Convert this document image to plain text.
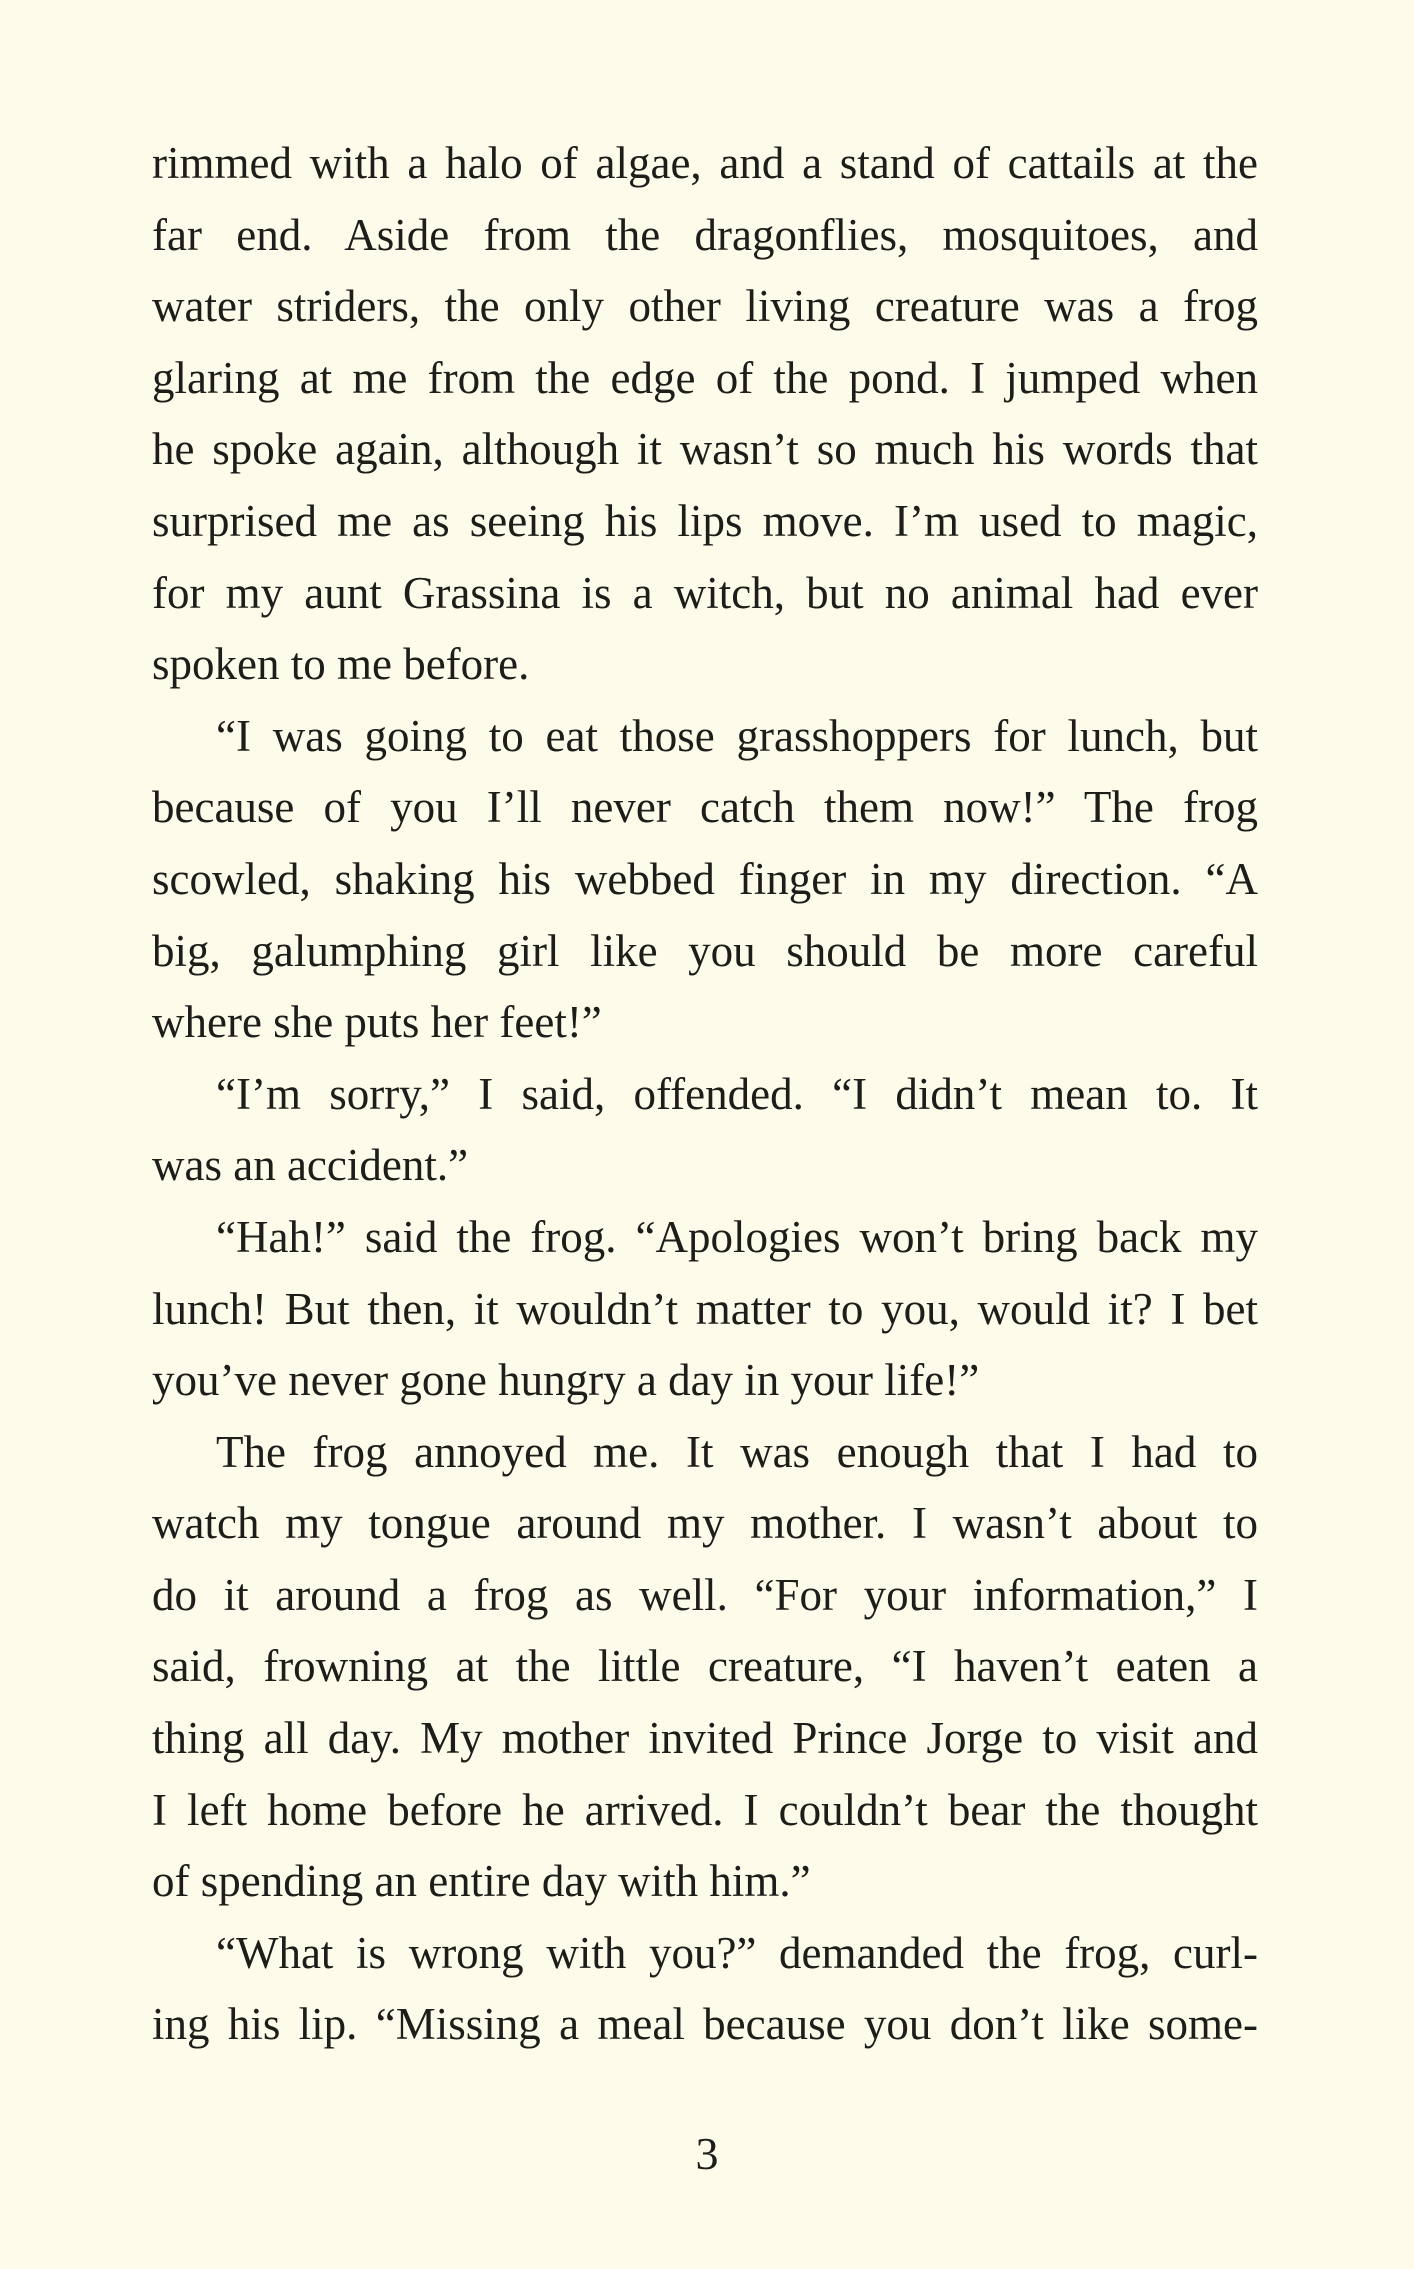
rimmed with a halo of algae, and a stand of cattails at the
far end. Aside from the dragonflies, mosquitoes, and
water striders, the only other living creature was a frog
glaring at me from the edge of the pond. I jumped when
he spoke again, although it wasn’t so much his words that
surprised me as seeing his lips move. I’m used to magic,
for my aunt Grassina is a witch, but no animal had ever
spoken to me before.
“I was going to eat those grasshoppers for lunch, but
because of you I’ll never catch them now!” The frog
scowled, shaking his webbed finger in my direction. “A
big, galumphing girl like you should be more careful
where she puts her feet!”
“I’m sorry,” I said, offended. “I didn’t mean to. It
was an accident.”
“Hah!” said the frog. “Apologies won’t bring back my
lunch! But then, it wouldn’t matter to you, would it? I bet
you’ve never gone hungry a day in your life!”
The frog annoyed me. It was enough that I had to
watch my tongue around my mother. I wasn’t about to
do it around a frog as well. “For your information,” I
said, frowning at the little creature, “I haven’t eaten a
thing all day. My mother invited Prince Jorge to visit and
I left home before he arrived. I couldn’t bear the thought
of spending an entire day with him.”
“What is wrong with you?” demanded the frog, curl-
ing his lip. “Missing a meal because you don’t like some-
3
